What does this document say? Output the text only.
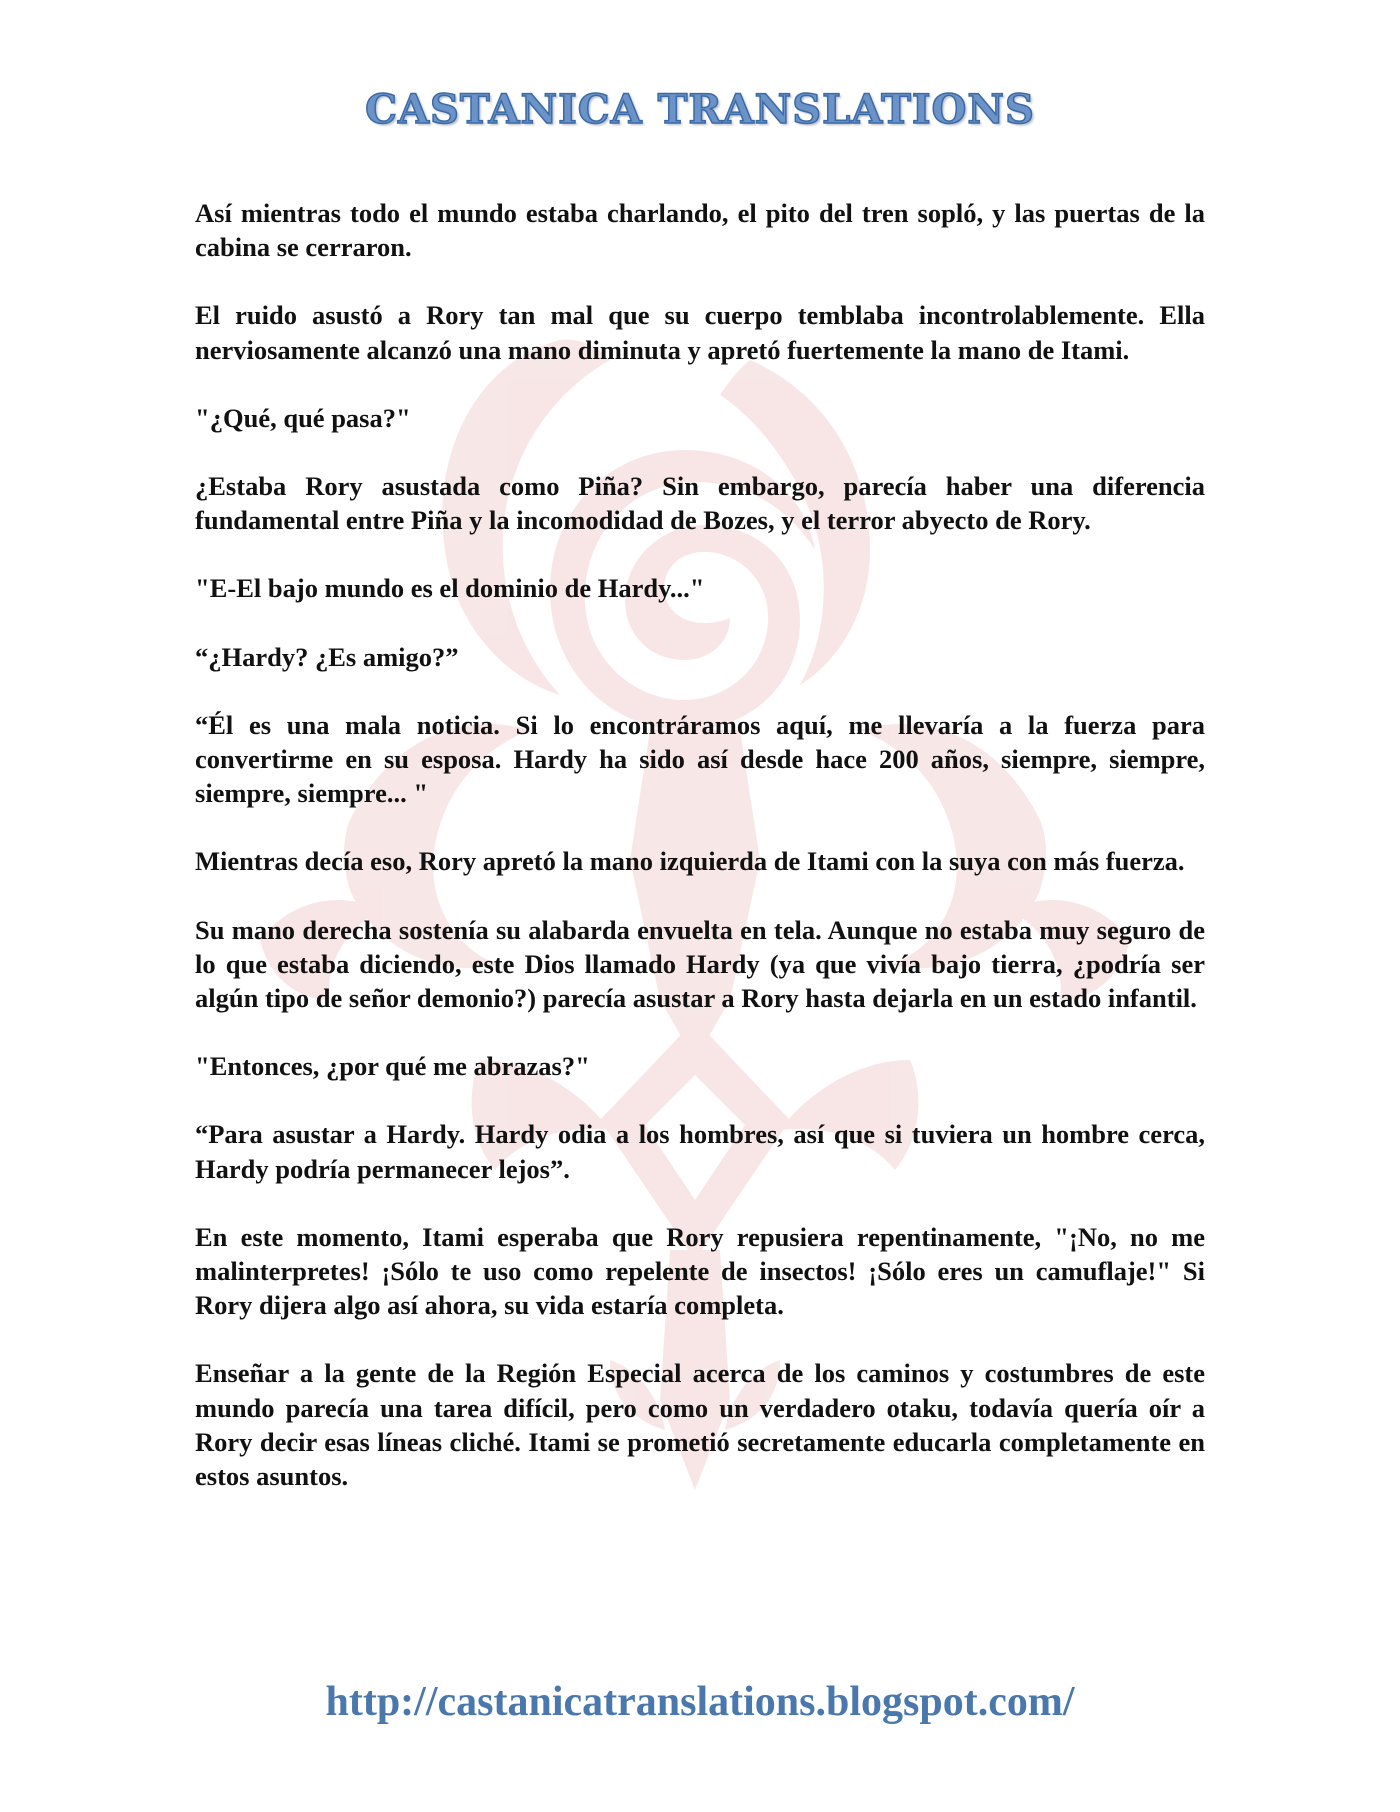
CASTANICA TRANSLATIONS

Así mientras todo el mundo estaba charlando, el pito del tren sopló, y las puertas de la cabina se cerraron.

El ruido asustó a Rory tan mal que su cuerpo temblaba incontrolablemente. Ella nerviosamente alcanzó una mano diminuta y apretó fuertemente la mano de Itami.

"¿Qué, qué pasa?"

¿Estaba Rory asustada como Piña? Sin embargo, parecía haber una diferencia fundamental entre Piña y la incomodidad de Bozes, y el terror abyecto de Rory.

"E-El bajo mundo es el dominio de Hardy..."

“¿Hardy? ¿Es amigo?”

“Él es una mala noticia. Si lo encontráramos aquí, me llevaría a la fuerza para convertirme en su esposa. Hardy ha sido así desde hace 200 años, siempre, siempre, siempre, siempre... "

Mientras decía eso, Rory apretó la mano izquierda de Itami con la suya con más fuerza.

Su mano derecha sostenía su alabarda envuelta en tela. Aunque no estaba muy seguro de lo que estaba diciendo, este Dios llamado Hardy (ya que vivía bajo tierra, ¿podría ser algún tipo de señor demonio?) parecía asustar a Rory hasta dejarla en un estado infantil.

"Entonces, ¿por qué me abrazas?"

“Para asustar a Hardy. Hardy odia a los hombres, así que si tuviera un hombre cerca, Hardy podría permanecer lejos”.

En este momento, Itami esperaba que Rory repusiera repentinamente, "¡No, no me malinterpretes! ¡Sólo te uso como repelente de insectos! ¡Sólo eres un camuflaje!" Si Rory dijera algo así ahora, su vida estaría completa.

Enseñar a la gente de la Región Especial acerca de los caminos y costumbres de este mundo parecía una tarea difícil, pero como un verdadero otaku, todavía quería oír a Rory decir esas líneas cliché. Itami se prometió secretamente educarla completamente en estos asuntos.

http://castanicatranslations.blogspot.com/
